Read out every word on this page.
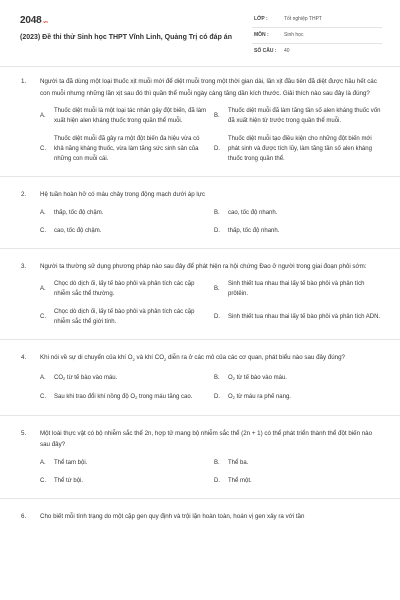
2048.vn
(2023) Đề thi thử Sinh học THPT Vĩnh Linh, Quảng Trị có đáp án
LỚP :	Tốt nghiệp THPT
MÔN :	Sinh học
SỐ CÂU : 40
1. Người ta đã dùng một loại thuốc xịt muỗi mới để diệt muỗi trong một thời gian dài, lần xịt đầu tiên đã diệt được hầu hết các con muỗi nhưng những lần xịt sau đó thì quần thể muỗi ngày càng tăng dần kích thước. Giải thích nào sau đây là đúng?
A.
Thuốc diệt muỗi là một loại tác nhân gây đột biến, đã làm xuất hiện alen kháng thuốc trong quần thể muỗi.
B.
Thuốc diệt muỗi đã làm tăng tần số alen kháng thuốc vốn đã xuất hiện từ trước trong quần thể muỗi.
C.
Thuốc diệt muỗi đã gây ra một đột biến đa hiệu vừa có khả năng kháng thuốc, vừa làm tăng sức sinh sản của những con muỗi cái.
D.
Thuốc diệt muỗi tạo điều kiện cho những đột biến mới phát sinh và được tích lũy, làm tăng tần số alen kháng thuốc trong quần thể.
2. Hệ tuần hoàn hở có máu chảy trong động mạch dưới áp lực
A.	thấp, tốc độ chậm.	B.	cao, tốc độ nhanh.
C.	cao, tốc độ chậm.	D.	thấp, tốc độ nhanh.
3. Người ta thường sử dụng phương pháp nào sau đây để phát hiện ra hội chứng Đao ở người trong giai đoạn phôi sớm:
A.
Chọc dò dịch ối, lấy tế bào phôi và phân tích các cặp nhiễm sắc thể thường.
B.
Sinh thiết tua nhau thai lấy tế bào phôi và phân tích prôtêin.
C.
Chọc dò dịch ối, lấy tế bào phôi và phân tích các cặp nhiễm sắc thể giới tính.
D.	Sinh thiết tua nhau thai lấy tế bào phôi và phân tích ADN.
4. Khi nói về sự di chuyển của khí $O_2$ và khí $CO_2$ diễn ra ở các mô của các cơ quan, phát biểu nào sau đây đúng?
A.	$CO_2$ từ tế bào vào máu.	B.	$O_2$ từ tế bào vào máu.
C.	Sau khi trao đổi khí nồng độ $O_2$ trong máu tăng cao.	D.	$O_2$ từ máu ra phế nang.
5. Một loài thực vật có bộ nhiễm sắc thể 2n, hợp tử mang bộ nhiễm sắc thể (2n + 1) có thể phát triển thành thể đột biến nào sau đây?
A.	Thể tam bội.	B.	Thể ba.
C.	Thể tứ bội.	D.	Thể một.
6. Cho biết mỗi tính trạng do một cặp gen quy định và trội lặn hoàn toàn, hoán vị gen xảy ra với tần
